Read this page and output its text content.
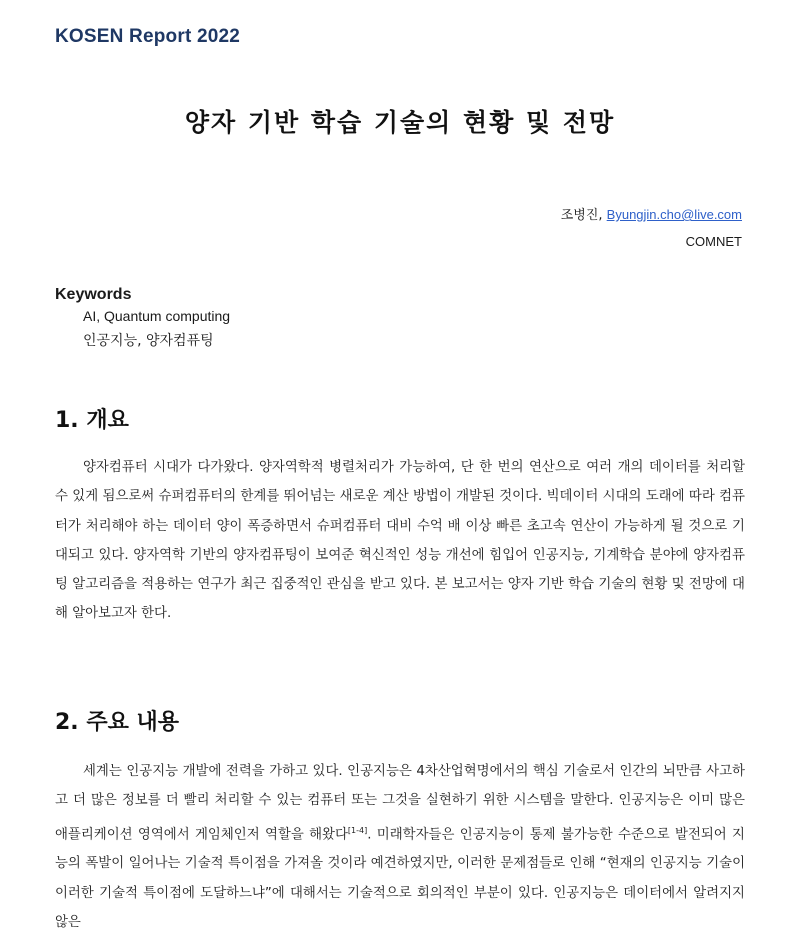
KOSEN Report 2022
양자 기반 학습 기술의 현황 및 전망
조병진, Byungjin.cho@live.com
COMNET
Keywords
AI, Quantum computing
인공지능, 양자컴퓨팅
1. 개요

양자컴퓨터 시대가 다가왔다. 양자역학적 병렬처리가 가능하여, 단 한 번의 연산으로 여러 개의 데이터를 처리할 수 있게 됨으로써 슈퍼컴퓨터의 한계를 뛰어넘는 새로운 계산 방법이 개발된 것이다. 빅데이터 시대의 도래에 따라 컴퓨터가 처리해야 하는 데이터 양이 폭증하면서 슈퍼컴퓨터 대비 수억 배 이상 빠른 초고속 연산이 가능하게 될 것으로 기대되고 있다. 양자역학 기반의 양자컴퓨팅이 보여준 혁신적인 성능 개선에 힘입어 인공지능, 기계학습 분야에 양자컴퓨팅 알고리즘을 적용하는 연구가 최근 집중적인 관심을 받고 있다. 본 보고서는 양자 기반 학습 기술의 현황 및 전망에 대해 알아보고자 한다.

2. 주요 내용

세계는 인공지능 개발에 전력을 가하고 있다. 인공지능은 4차산업혁명에서의 핵심 기술로서 인간의 뇌만큼 사고하고 더 많은 정보를 더 빨리 처리할 수 있는 컴퓨터 또는 그것을 실현하기 위한 시스템을 말한다. 인공지능은 이미 많은 애플리케이션 영역에서 게임체인저 역할을 해왔다[1-4]. 미래학자들은 인공지능이 통제 불가능한 수준으로 발전되어 지능의 폭발이 일어나는 기술적 특이점을 가져올 것이라 예견하였지만, 이러한 문제점들로 인해 “현재의 인공지능 기술이 이러한 기술적 특이점에 도달하느냐”에 대해서는 기술적으로 회의적인 부분이 있다. 인공지능은 데이터에서 알려지지 않은
